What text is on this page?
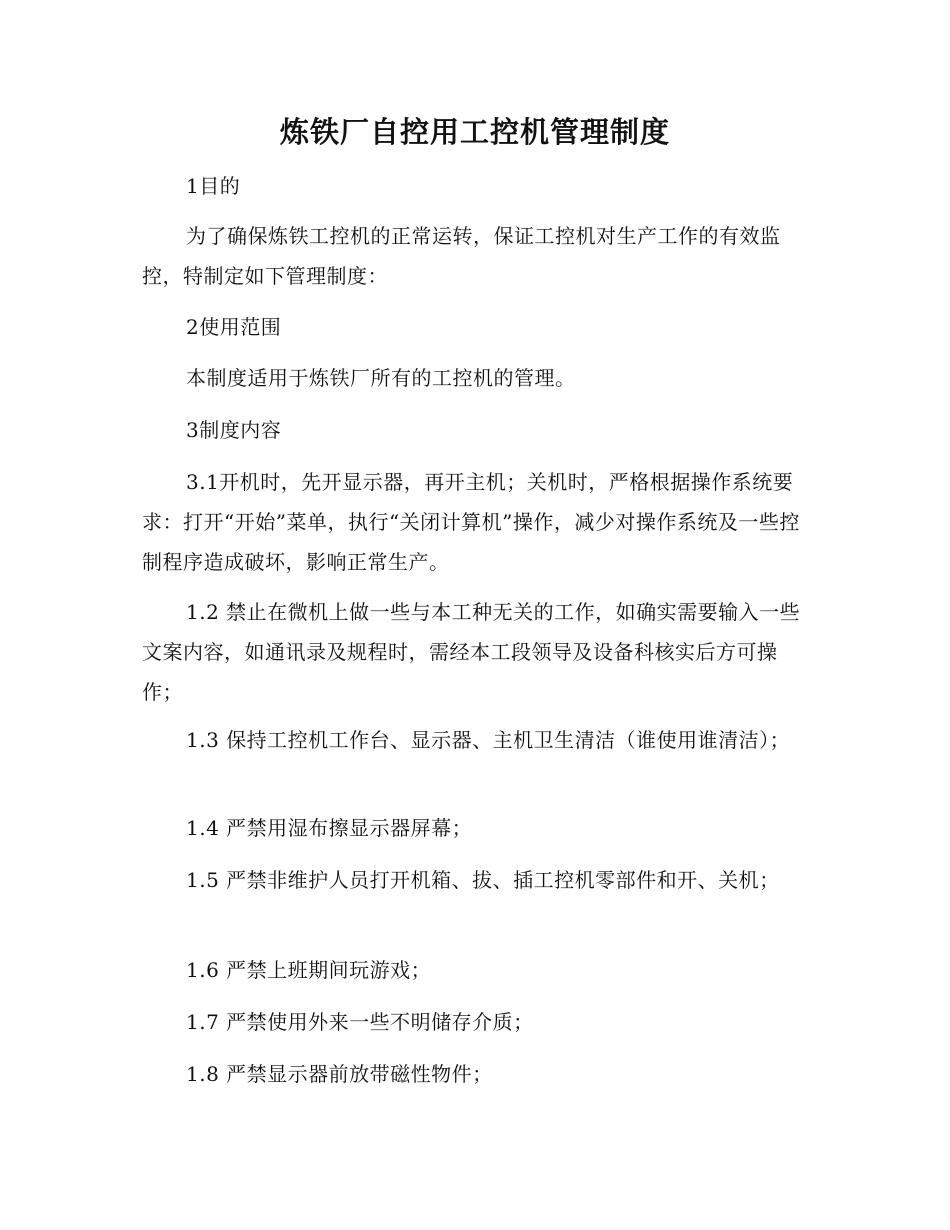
炼铁厂自控用工控机管理制度
1目的
为了确保炼铁工控机的正常运转，保证工控机对生产工作的有效监控，特制定如下管理制度：
2使用范围
本制度适用于炼铁厂所有的工控机的管理。
3制度内容
3.1开机时，先开显示器，再开主机；关机时，严格根据操作系统要求：打开“开始”菜单，执行“关闭计算机”操作，减少对操作系统及一些控制程序造成破坏，影响正常生产。
1.2 禁止在微机上做一些与本工种无关的工作，如确实需要输入一些文案内容，如通讯录及规程时，需经本工段领导及设备科核实后方可操作；
1.3 保持工控机工作台、显示器、主机卫生清洁（谁使用谁清洁）；
1.4 严禁用湿布擦显示器屏幕；
1.5 严禁非维护人员打开机箱、拔、插工控机零部件和开、关机；
1.6 严禁上班期间玩游戏；
1.7 严禁使用外来一些不明储存介质；
1.8 严禁显示器前放带磁性物件；
